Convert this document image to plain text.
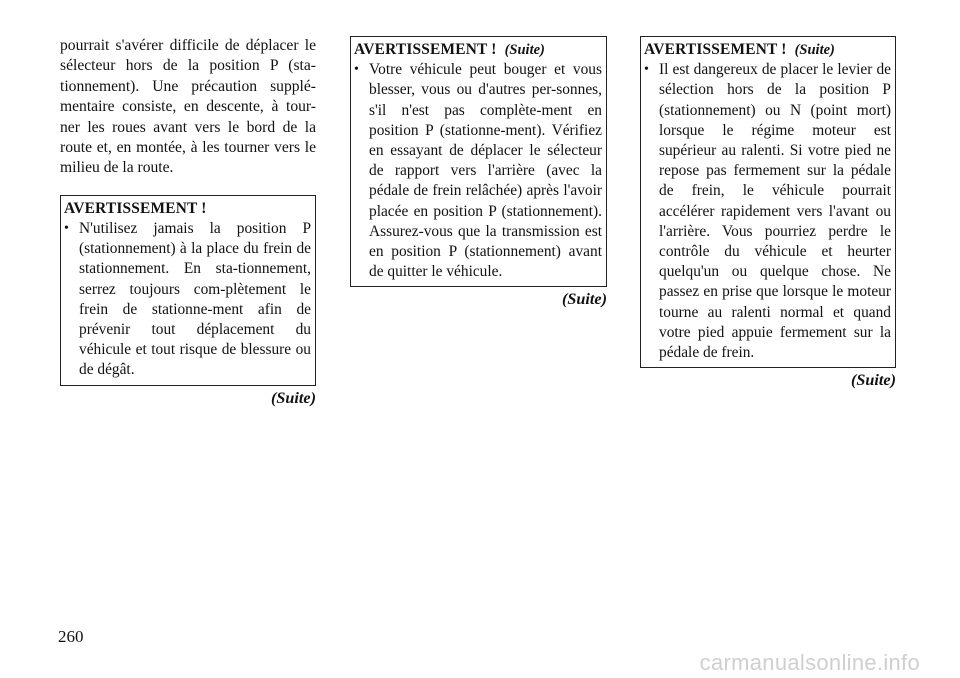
pourrait s'avérer difficile de déplacer le sélecteur hors de la position P (sta-tionnement). Une précaution supplé-mentaire consiste, en descente, à tour-ner les roues avant vers le bord de la route et, en montée, à les tourner vers le milieu de la route.

AVERTISSEMENT !
• N'utilisez jamais la position P (stationnement) à la place du frein de stationnement. En sta-tionnement, serrez toujours com-plètement le frein de stationne-ment afin de prévenir tout déplacement du véhicule et tout risque de blessure ou de dégât.
(Suite)
AVERTISSEMENT ! (Suite)
• Votre véhicule peut bouger et vous blesser, vous ou d'autres per-sonnes, s'il n'est pas complète-ment en position P (stationne-ment). Vérifiez en essayant de déplacer le sélecteur de rapport vers l'arrière (avec la pédale de frein relâchée) après l'avoir placée en position P (stationnement). Assurez-vous que la transmission est en position P (stationnement) avant de quitter le véhicule.
(Suite)
AVERTISSEMENT ! (Suite)
• Il est dangereux de placer le levier de sélection hors de la position P (stationnement) ou N (point mort) lorsque le régime moteur est supérieur au ralenti. Si votre pied ne repose pas fermement sur la pédale de frein, le véhicule pourrait accélérer rapidement vers l'avant ou l'arrière. Vous pourriez perdre le contrôle du véhicule et heurter quelqu'un ou quelque chose. Ne passez en prise que lorsque le moteur tourne au ralenti normal et quand votre pied appuie fermement sur la pédale de frein.
(Suite)
260
carmanualsonline.info
